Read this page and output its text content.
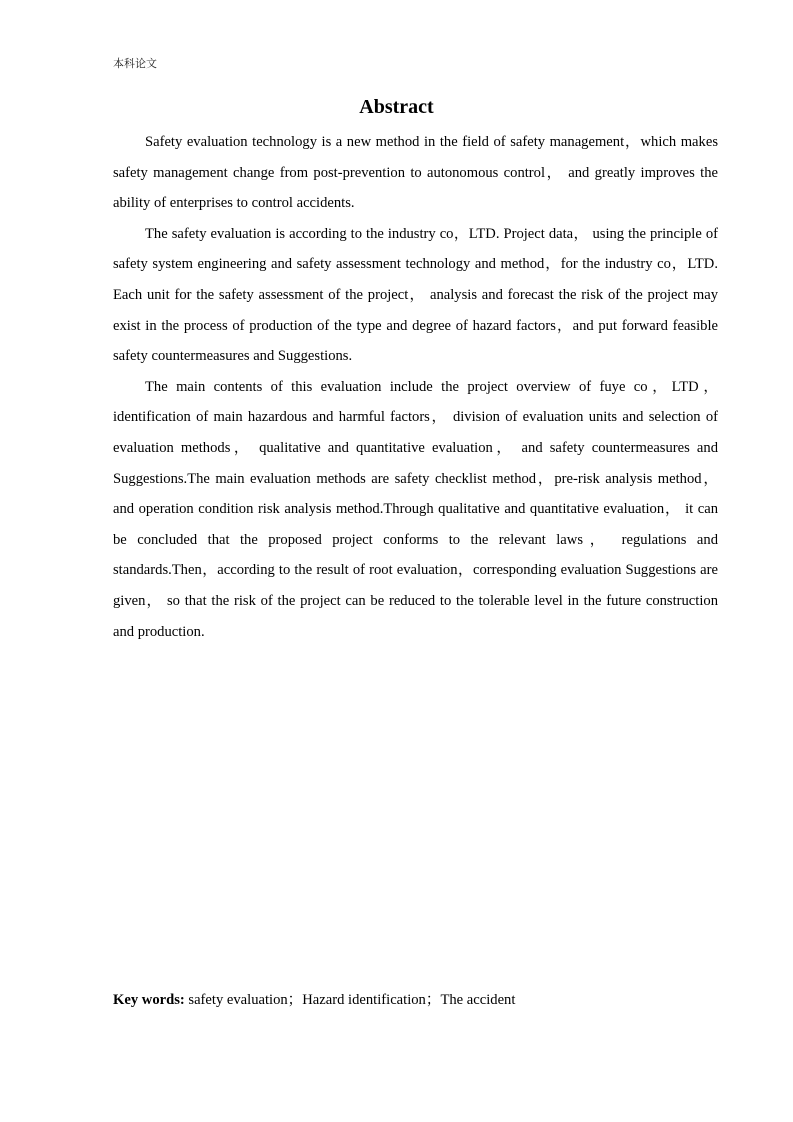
本科论文
Abstract

Safety evaluation technology is a new method in the field of safety management，which makes safety management change from post-prevention to autonomous control， and greatly improves the ability of enterprises to control accidents.

The safety evaluation is according to the industry co，LTD. Project data， using the principle of safety system engineering and safety assessment technology and method，for the industry co，LTD. Each unit for the safety assessment of the project， analysis and forecast the risk of the project may exist in the process of production of the type and degree of hazard factors，and put forward feasible safety countermeasures and Suggestions.

The main contents of this evaluation include the project overview of fuye co，LTD，identification of main hazardous and harmful factors， division of evaluation units and selection of evaluation methods， qualitative and quantitative evaluation， and safety countermeasures and Suggestions.The main evaluation methods are safety checklist method，pre-risk analysis method， and operation condition risk analysis method.Through qualitative and quantitative evaluation， it can be concluded that the proposed project conforms to the relevant laws， regulations and standards.Then，according to the result of root evaluation，corresponding evaluation Suggestions are given， so that the risk of the project can be reduced to the tolerable level in the future construction and production.

Key words: safety evaluation；Hazard identification；The accident
